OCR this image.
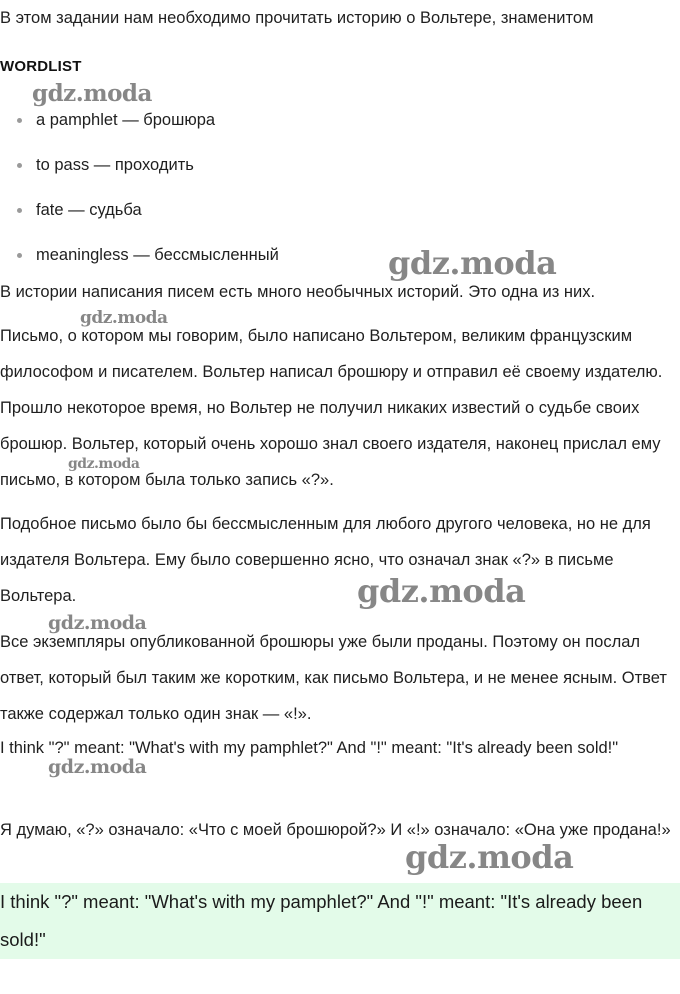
В этом задании нам необходимо прочитать историю о Вольтере, знаменитом

WORDLIST
a pamphlet — брошюра
to pass — проходить
fate — судьба
meaningless — бессмысленный

В истории написания писем есть много необычных историй. Это одна из них.

Письмо, о котором мы говорим, было написано Вольтером, великим французским философом и писателем. Вольтер написал брошюру и отправил её своему издателю. Прошло некоторое время, но Вольтер не получил никаких известий о судьбе своих брошюр. Вольтер, который очень хорошо знал своего издателя, наконец прислал ему письмо, в котором была только запись «?».

Подобное письмо было бы бессмысленным для любого другого человека, но не для издателя Вольтера. Ему было совершенно ясно, что означал знак «?» в письме Вольтера.

Все экземпляры опубликованной брошюры уже были проданы. Поэтому он послал ответ, который был таким же коротким, как письмо Вольтера, и не менее ясным. Ответ также содержал только один знак — «!».

I think "?" meant: "What's with my pamphlet?" And "!" meant: "It's already been sold!"

Я думаю, «?» означало: «Что с моей брошюрой?» И «!» означало: «Она уже продана!»

I think "?" meant: "What's with my pamphlet?" And "!" meant: "It's already been sold!"

gdz.moda
gdz.moda
gdz.moda
gdz.moda
gdz.moda
gdz.moda
gdz.moda
gdz.moda
